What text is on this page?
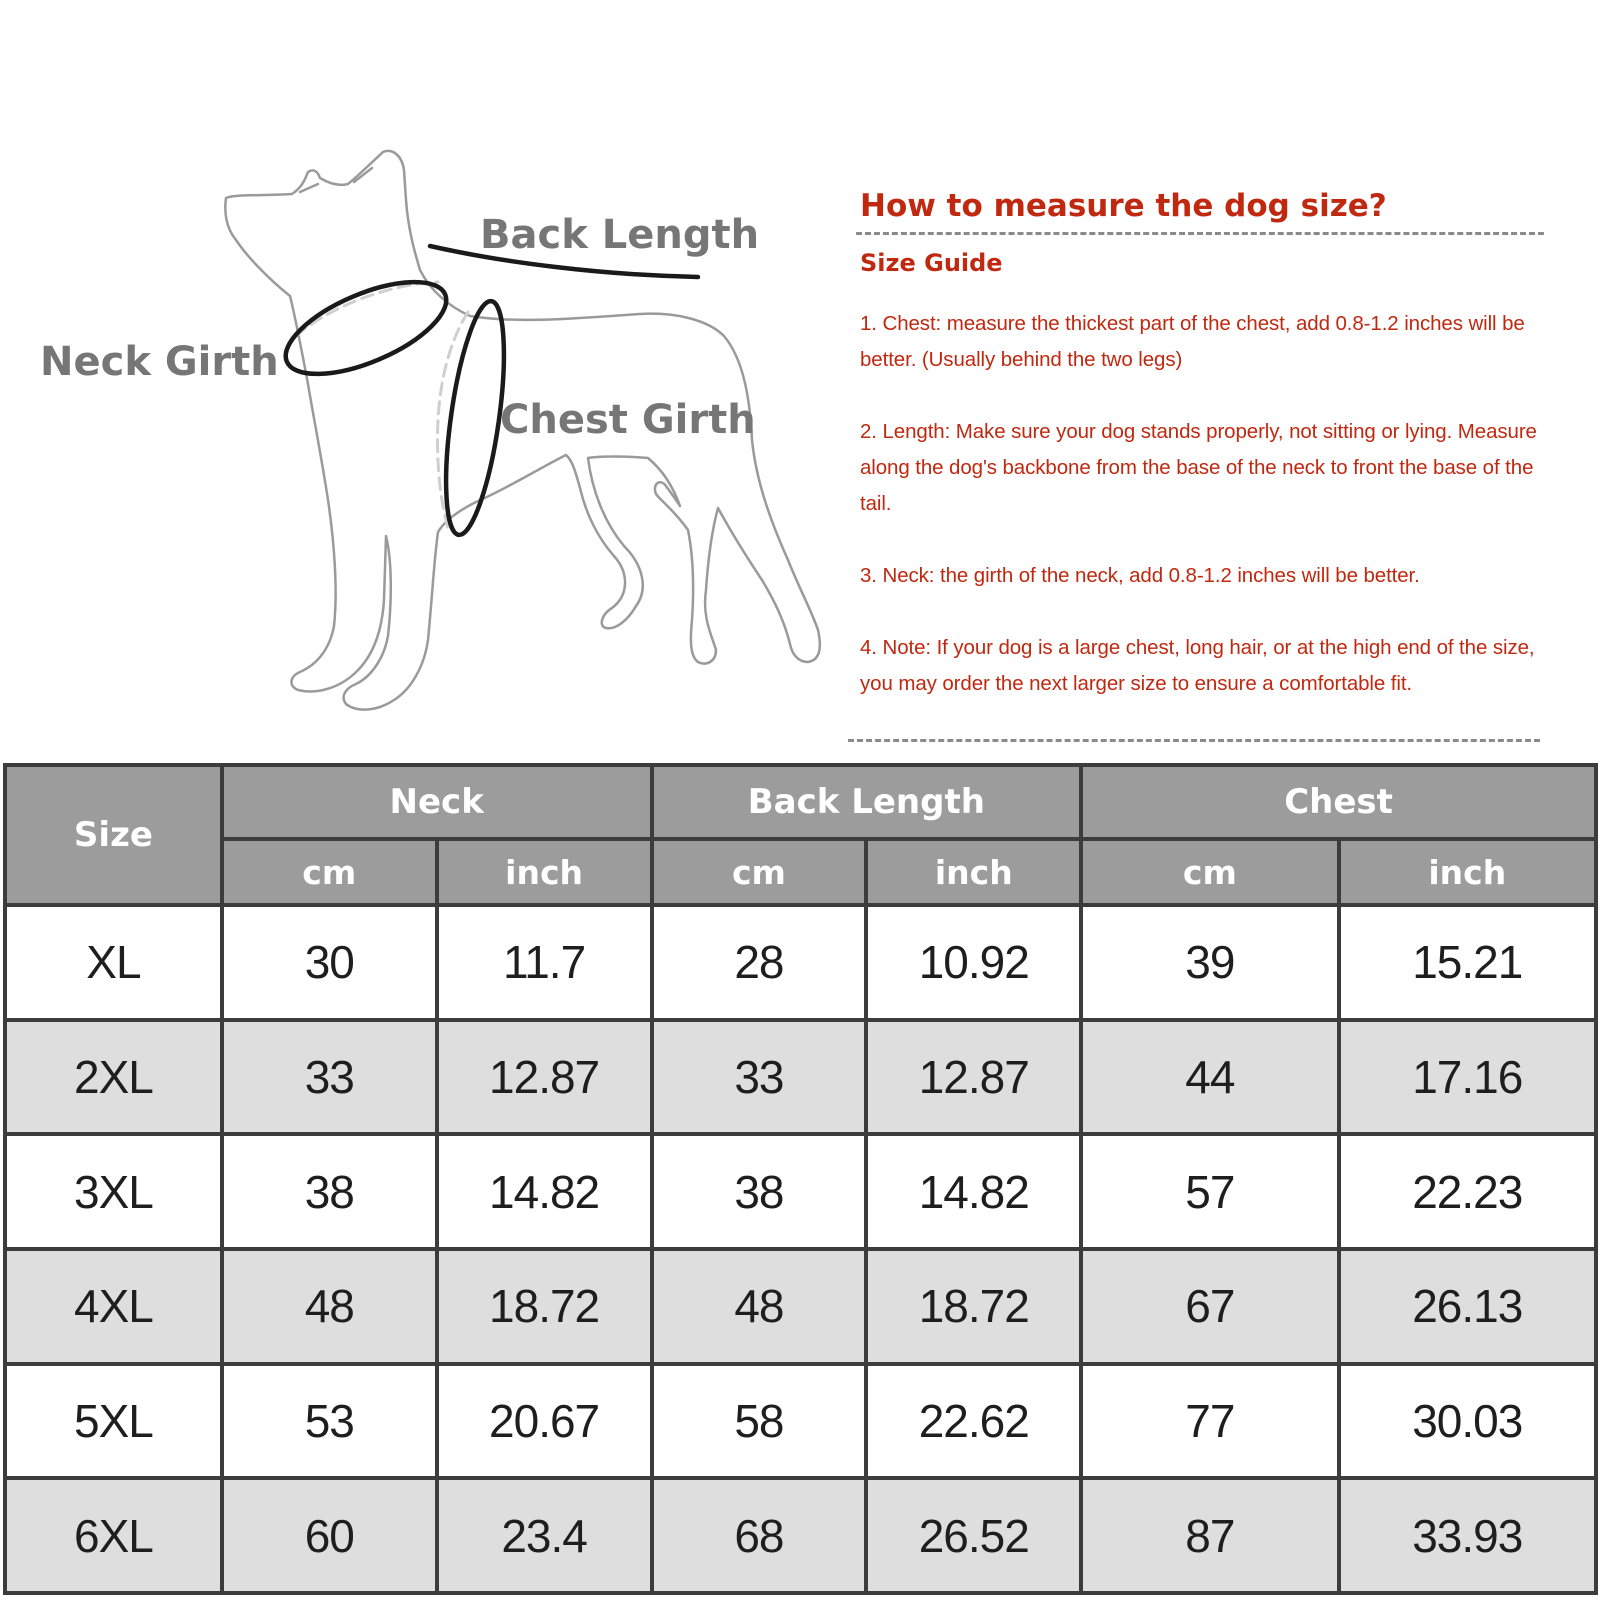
Back Length

Neck Girth

Chest Girth

How to measure the dog size?
Size Guide

1. Chest: measure the thickest part of the chest, add 0.8-1.2 inches will be better. (Usually behind the two legs)

2. Length: Make sure your dog stands properly, not sitting or lying. Measure along the dog's backbone from the base of the neck to front the base of the tail.

3. Neck: the girth of the neck, add 0.8-1.2 inches will be better.

4. Note: If your dog is a large chest, long hair, or at the high end of the size, you may order the next larger size to ensure a comfortable fit.

Size	Neck		Back Length		Chest	
	cm	inch	cm	inch	cm	inch
XL	30	11.7	28	10.92	39	15.21
2XL	33	12.87	33	12.87	44	17.16
3XL	38	14.82	38	14.82	57	22.23
4XL	48	18.72	48	18.72	67	26.13
5XL	53	20.67	58	22.62	77	30.03
6XL	60	23.4	68	26.52	87	33.93
